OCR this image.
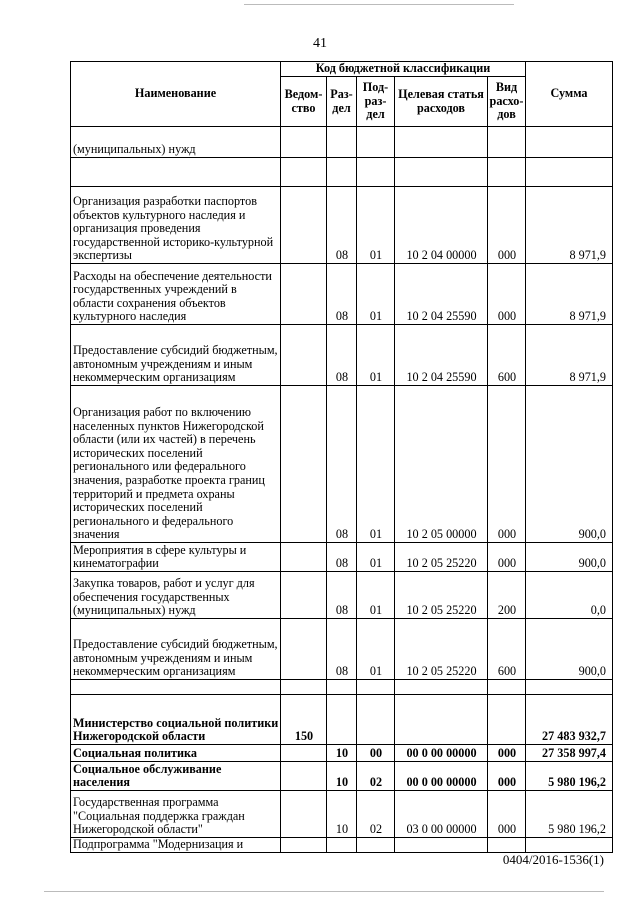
41
Наименование	Код бюджетной классификации					Сумма
	Ведом-ство	Раз-дел	Под-раз-дел	Целевая статья расходов	Вид расхо-дов	
(муниципальных) нужд						

Организация разработки паспортов объектов культурного наследия и организация проведения государственной историко-культурной экспертизы		08	01	10 2 04 00000	000	8 971,9
Расходы на обеспечение деятельности государственных учреждений в области сохранения объектов культурного наследия		08	01	10 2 04 25590	000	8 971,9
Предоставление субсидий бюджетным, автономным учреждениям и иным некоммерческим организациям		08	01	10 2 04 25590	600	8 971,9
Организация работ по включению населенных пунктов Нижегородской области (или их частей) в перечень исторических поселений регионального или федерального значения, разработке проекта границ территорий и предмета охраны исторических поселений регионального и федерального значения		08	01	10 2 05 00000	000	900,0
Мероприятия в сфере культуры и кинематографии		08	01	10 2 05 25220	000	900,0
Закупка товаров, работ и услуг для обеспечения государственных (муниципальных) нужд		08	01	10 2 05 25220	200	0,0
Предоставление субсидий бюджетным, автономным учреждениям и иным некоммерческим организациям		08	01	10 2 05 25220	600	900,0

Министерство социальной политики Нижегородской области	150					27 483 932,7
Социальная политика		10	00	00 0 00 00000	000	27 358 997,4
Социальное обслуживание населения		10	02	00 0 00 00000	000	5 980 196,2
Государственная программа "Социальная поддержка граждан Нижегородской области"		10	02	03 0 00 00000	000	5 980 196,2
Подпрограмма "Модернизация и						
0404/2016-1536(1)
